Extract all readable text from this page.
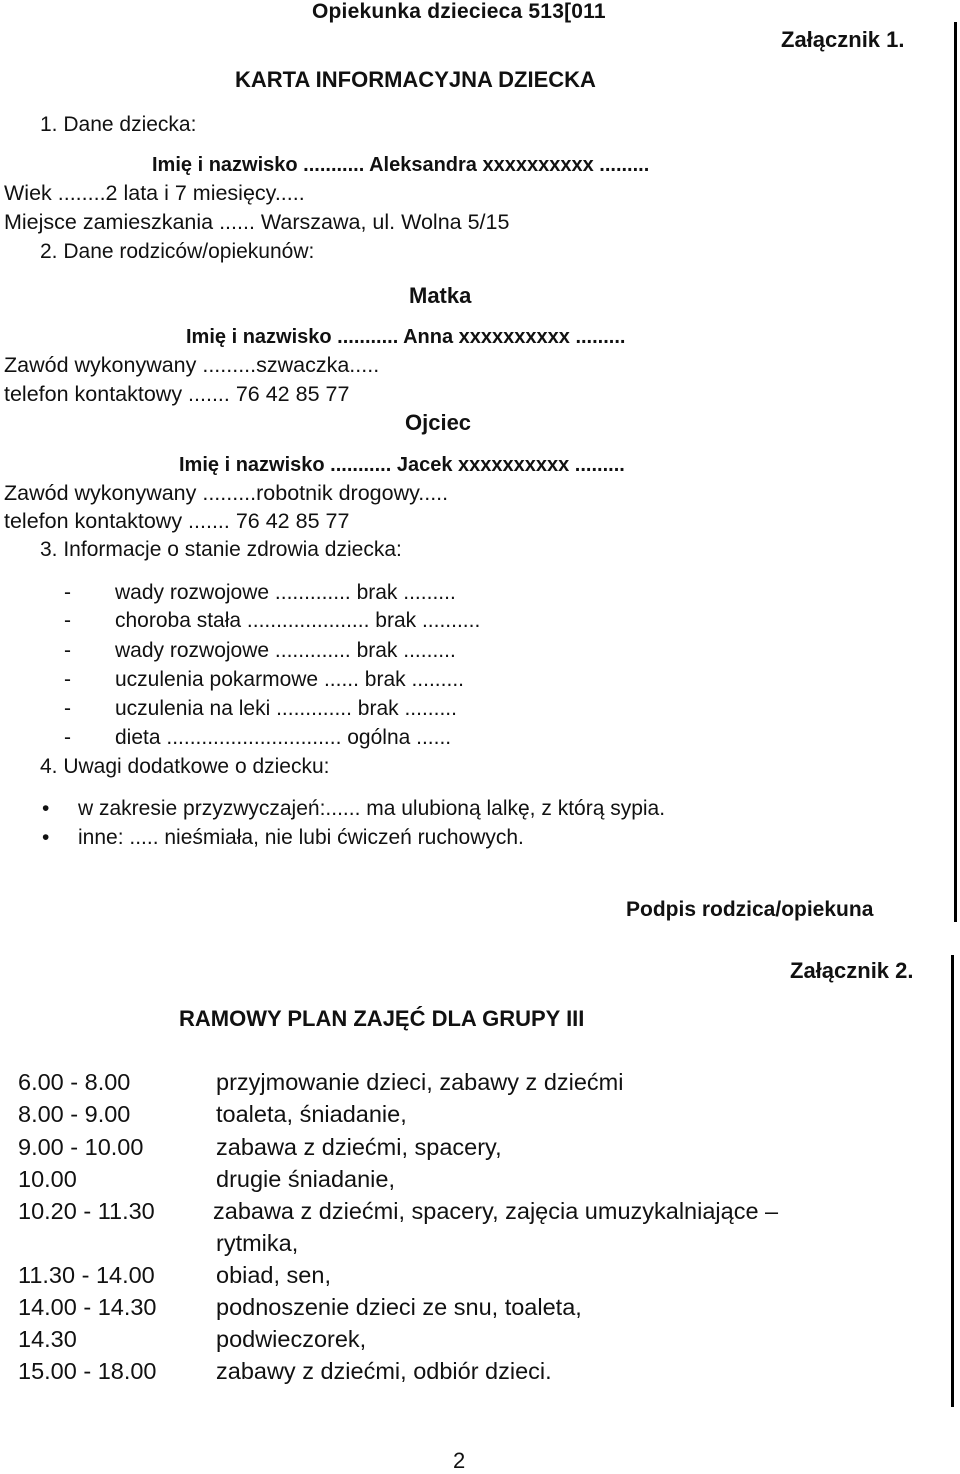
Opiekunka dziecieca 513[011
Załącznik 1.
KARTA INFORMACYJNA DZIECKA
1. Dane dziecka:
Imię i nazwisko ........... Aleksandra xxxxxxxxxx .........
Wiek ........2 lata i 7 miesięcy.....
Miejsce zamieszkania ...... Warszawa, ul. Wolna 5/15
2. Dane rodziców/opiekunów:
Matka
Imię i nazwisko ........... Anna xxxxxxxxxx .........
Zawód wykonywany .........szwaczka.....
telefon kontaktowy ....... 76 42 85 77
Ojciec
Imię i nazwisko ........... Jacek xxxxxxxxxx .........
Zawód wykonywany .........robotnik drogowy.....
telefon kontaktowy ....... 76 42 85 77
3. Informacje o stanie zdrowia dziecka:
- wady rozwojowe ............. brak .........
- choroba stała ..................... brak ..........
- wady rozwojowe ............. brak .........
- uczulenia pokarmowe ...... brak .........
- uczulenia na leki ............. brak .........
- dieta .............................. ogólna ......
4. Uwagi dodatkowe o dziecku:
• w zakresie przyzwyczajeń:...... ma ulubioną lalkę, z którą sypia.
• inne: ..... nieśmiała, nie lubi ćwiczeń ruchowych.
Podpis rodzica/opiekuna
Załącznik 2.
RAMOWY PLAN ZAJĘĆ DLA GRUPY III
6.00 - 8.00	przyjmowanie dzieci, zabawy z dziećmi
8.00 - 9.00	toaleta, śniadanie,
9.00 - 10.00	zabawa z dziećmi, spacery,
10.00	drugie śniadanie,
10.20 - 11.30 zabawa z dziećmi, spacery, zajęcia umuzykalniające –
rytmika,
11.30 - 14.00	obiad, sen,
14.00 - 14.30	podnoszenie dzieci ze snu, toaleta,
14.30	podwieczorek,
15.00 - 18.00	zabawy z dziećmi, odbiór dzieci.
2
